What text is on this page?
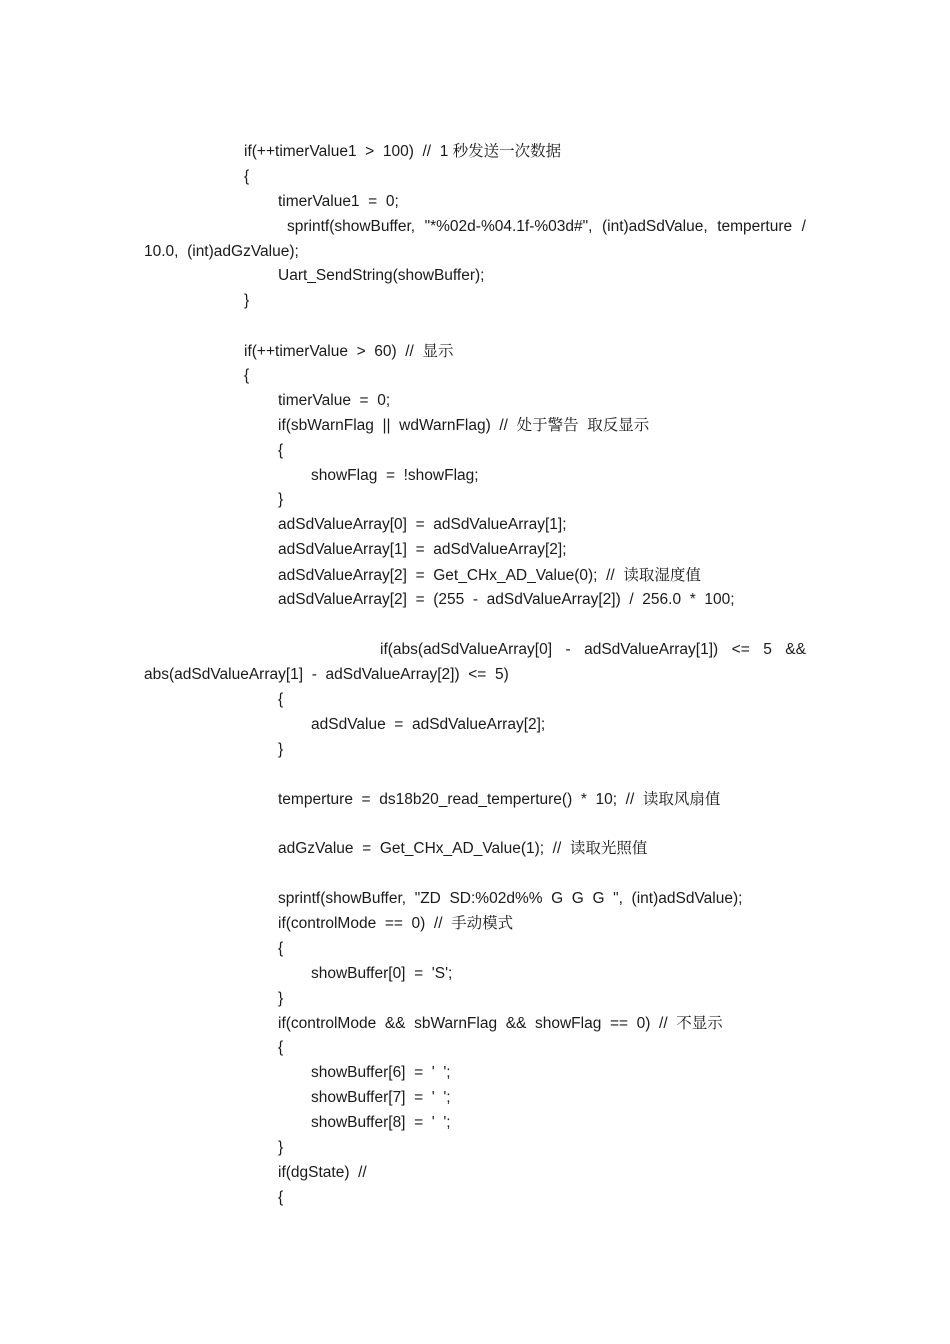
if(++timerValue1  >  100)  //  1 秒发送一次数据
{
timerValue1  =  0;
sprintf(showBuffer, "*%02d-%04.1f-%03d#", (int)adSdValue, temperture /
10.0,  (int)adGzValue);
Uart_SendString(showBuffer);
}
if(++timerValue  >  60)  //  显示
{
timerValue  =  0;
if(sbWarnFlag  ||  wdWarnFlag)  //  处于警告  取反显示
{
showFlag  =  !showFlag;
}
adSdValueArray[0]  =  adSdValueArray[1];
adSdValueArray[1]  =  adSdValueArray[2];
adSdValueArray[2]  =  Get_CHx_AD_Value(0);  //  读取湿度值
adSdValueArray[2]  =  (255  -  adSdValueArray[2])  /  256.0  *  100;
if(abs(adSdValueArray[0] - adSdValueArray[1]) <= 5 &&
abs(adSdValueArray[1]  -  adSdValueArray[2])  <=  5)
{
adSdValue  =  adSdValueArray[2];
}
temperture  =  ds18b20_read_temperture()  *  10;  //  读取风扇值
adGzValue  =  Get_CHx_AD_Value(1);  //  读取光照值
sprintf(showBuffer,  "ZD  SD:%02d%%  G  G  G  ",  (int)adSdValue);
if(controlMode  ==  0)  //  手动模式
{
showBuffer[0]  =  'S';
}
if(controlMode  &&  sbWarnFlag  &&  showFlag  ==  0)  //  不显示
{
showBuffer[6]  =  '  ';
showBuffer[7]  =  '  ';
showBuffer[8]  =  '  ';
}
if(dgState)  //
{
